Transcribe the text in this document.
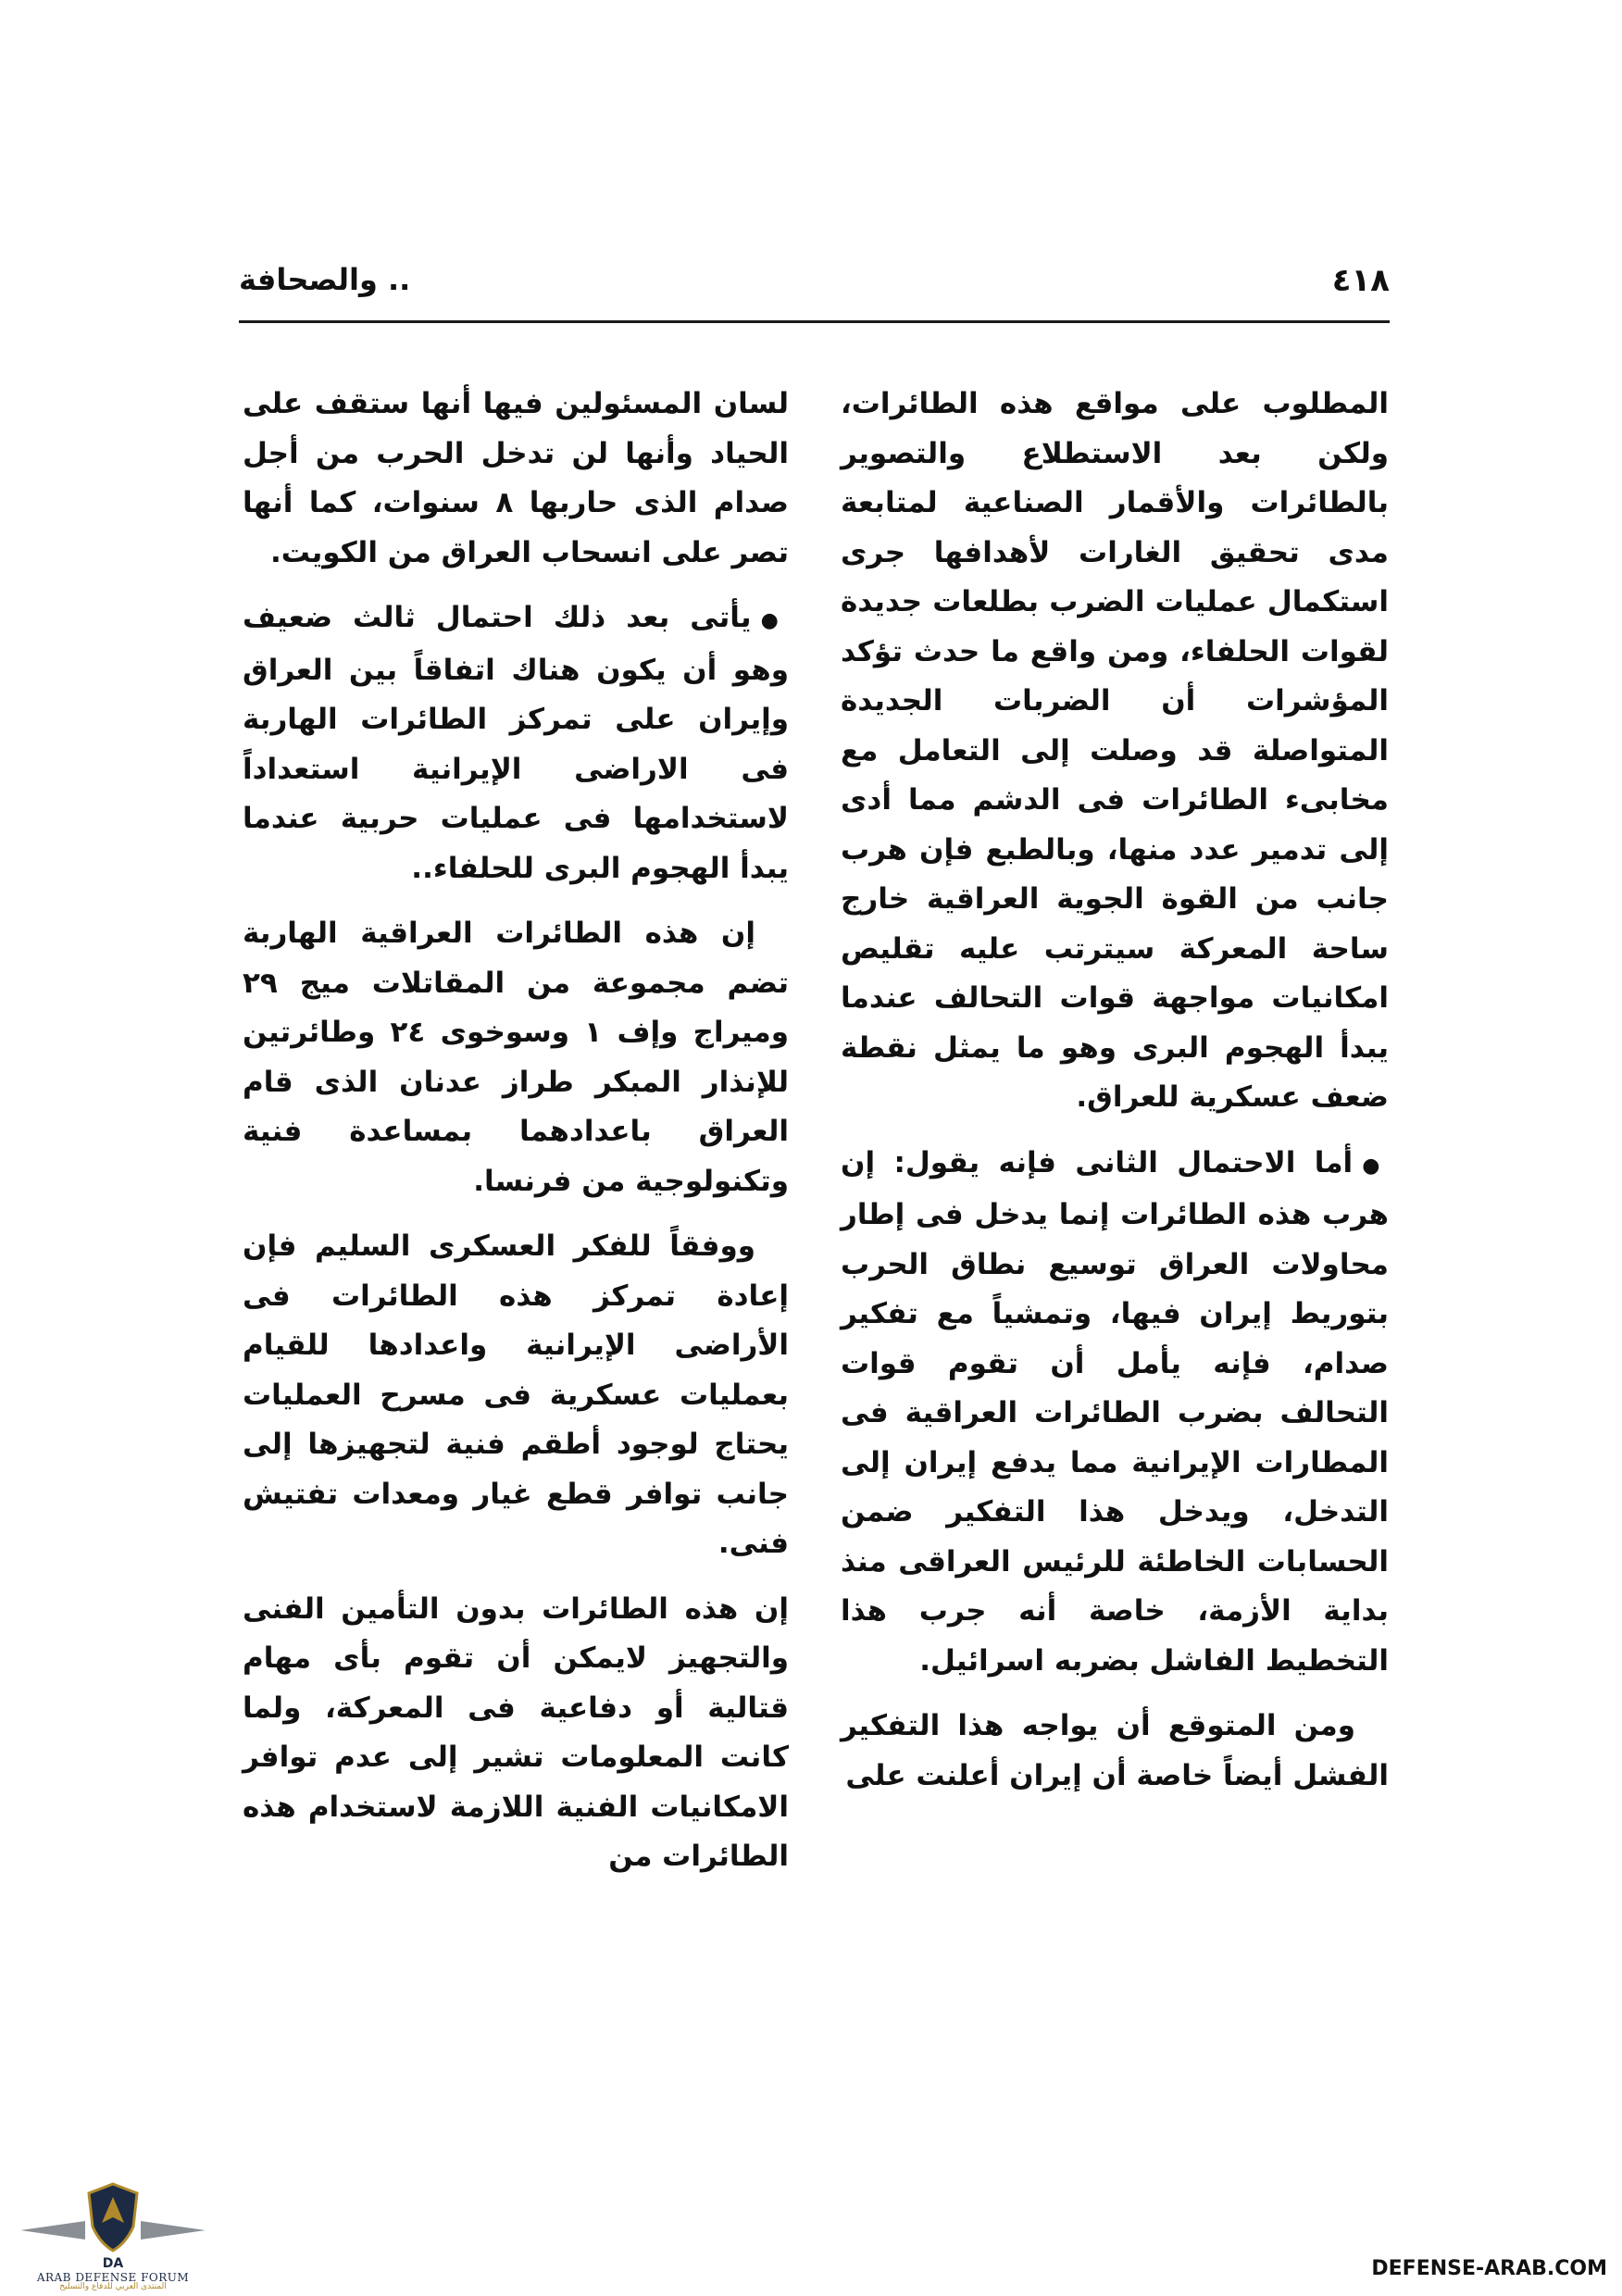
٤١٨
.. والصحافة

المطلوب على مواقع هذه الطائرات، ولكن بعد الاستطلاع والتصوير بالطائرات والأقمار الصناعية لمتابعة مدى تحقيق الغارات لأهدافها جرى استكمال عمليات الضرب بطلعات جديدة لقوات الحلفاء، ومن واقع ما حدث تؤكد المؤشرات أن الضربات الجديدة المتواصلة قد وصلت إلى التعامل مع مخابىء الطائرات فى الدشم مما أدى إلى تدمير عدد منها، وبالطبع فإن هرب جانب من القوة الجوية العراقية خارج ساحة المعركة سيترتب عليه تقليص امكانيات مواجهة قوات التحالف عندما يبدأ الهجوم البرى وهو ما يمثل نقطة ضعف عسكرية للعراق.

●أما الاحتمال الثانى فإنه يقول: إن هرب هذه الطائرات إنما يدخل فى إطار محاولات العراق توسيع نطاق الحرب بتوريط إيران فيها، وتمشياً مع تفكير صدام، فإنه يأمل أن تقوم قوات التحالف بضرب الطائرات العراقية فى المطارات الإيرانية مما يدفع إيران إلى التدخل، ويدخل هذا التفكير ضمن الحسابات الخاطئة للرئيس العراقى منذ بداية الأزمة، خاصة أنه جرب هذا التخطيط الفاشل بضربه اسرائيل.

ومن المتوقع أن يواجه هذا التفكير الفشل أيضاً خاصة أن إيران أعلنت على

لسان المسئولين فيها أنها ستقف على الحياد وأنها لن تدخل الحرب من أجل صدام الذى حاربها ٨ سنوات، كما أنها تصر على انسحاب العراق من الكويت.

●يأتى بعد ذلك احتمال ثالث ضعيف وهو أن يكون هناك اتفاقاً بين العراق وإيران على تمركز الطائرات الهاربة فى الاراضى الإيرانية استعداداً لاستخدامها فى عمليات حربية عندما يبدأ الهجوم البرى للحلفاء..

إن هذه الطائرات العراقية الهاربة تضم مجموعة من المقاتلات ميج ٢٩ وميراج وإف ١ وسوخوى ٢٤ وطائرتين للإنذار المبكر طراز عدنان الذى قام العراق باعدادهما بمساعدة فنية وتكنولوجية من فرنسا.

ووفقاً للفكر العسكرى السليم فإن إعادة تمركز هذه الطائرات فى الأراضى الإيرانية واعدادها للقيام بعمليات عسكرية فى مسرح العمليات يحتاج لوجود أطقم فنية لتجهيزها إلى جانب توافر قطع غيار ومعدات تفتيش فنى.

إن هذه الطائرات بدون التأمين الفنى والتجهيز لايمكن أن تقوم بأى مهام قتالية أو دفاعية فى المعركة، ولما كانت المعلومات تشير إلى عدم توافر الامكانيات الفنية اللازمة لاستخدام هذه الطائرات من

DA
ARAB DEFENSE FORUM
المنتدى العربي للدفاع والتسليح
DEFENSE-ARAB.COM
